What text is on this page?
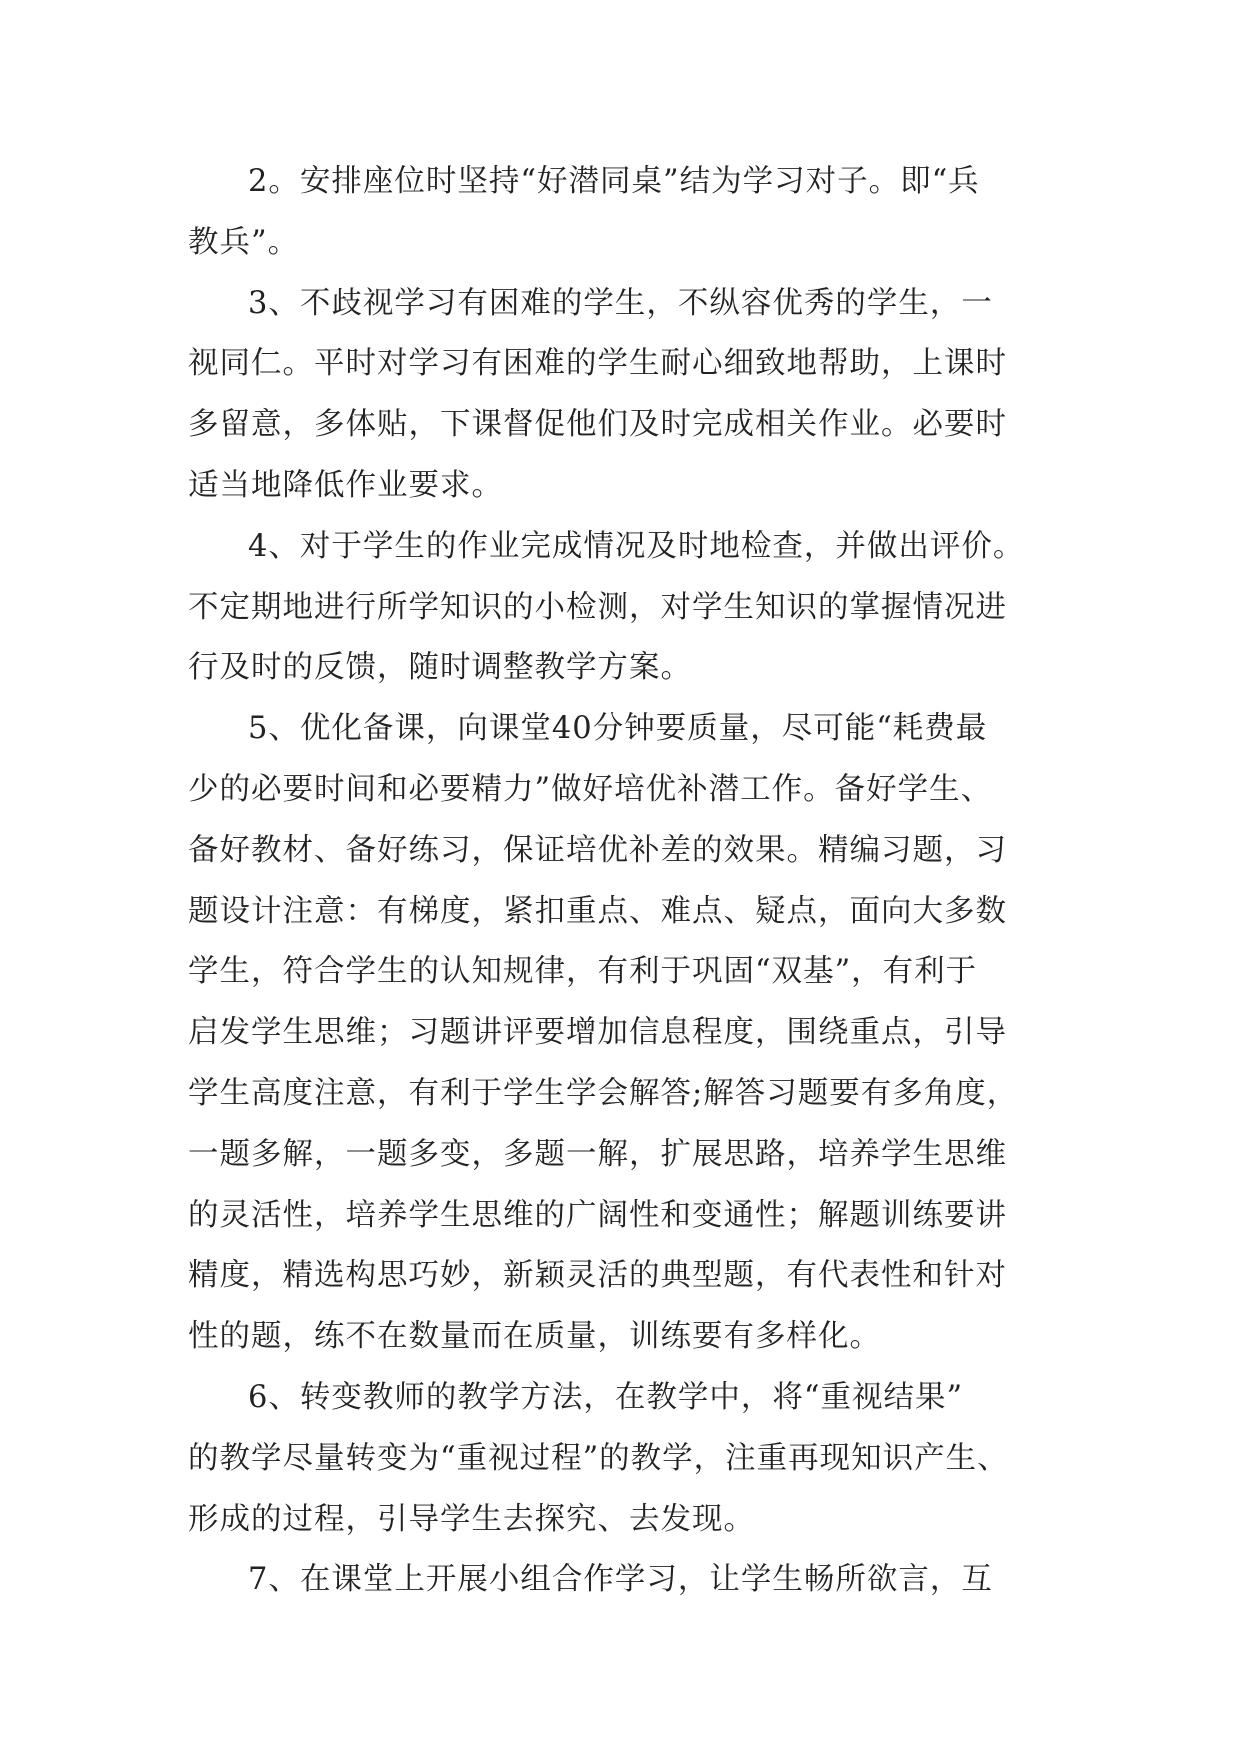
2。安排座位时坚持“好潜同桌”结为学习对子。即“兵
教兵”。
3、不歧视学习有困难的学生，不纵容优秀的学生，一
视同仁。平时对学习有困难的学生耐心细致地帮助，上课时
多留意，多体贴，下课督促他们及时完成相关作业。必要时
适当地降低作业要求。
4、对于学生的作业完成情况及时地检查，并做出评价。
不定期地进行所学知识的小检测，对学生知识的掌握情况进
行及时的反馈，随时调整教学方案。
5、优化备课，向课堂40分钟要质量，尽可能“耗费最
少的必要时间和必要精力”做好培优补潜工作。备好学生、
备好教材、备好练习，保证培优补差的效果。精编习题，习
题设计注意：有梯度，紧扣重点、难点、疑点，面向大多数
学生，符合学生的认知规律，有利于巩固“双基”，有利于
启发学生思维；习题讲评要增加信息程度，围绕重点，引导
学生高度注意，有利于学生学会解答;解答习题要有多角度，
一题多解，一题多变，多题一解，扩展思路，培养学生思维
的灵活性，培养学生思维的广阔性和变通性；解题训练要讲
精度，精选构思巧妙，新颖灵活的典型题，有代表性和针对
性的题，练不在数量而在质量，训练要有多样化。
6、转变教师的教学方法，在教学中，将“重视结果”
的教学尽量转变为“重视过程”的教学，注重再现知识产生、
形成的过程，引导学生去探究、去发现。
7、在课堂上开展小组合作学习，让学生畅所欲言，互
